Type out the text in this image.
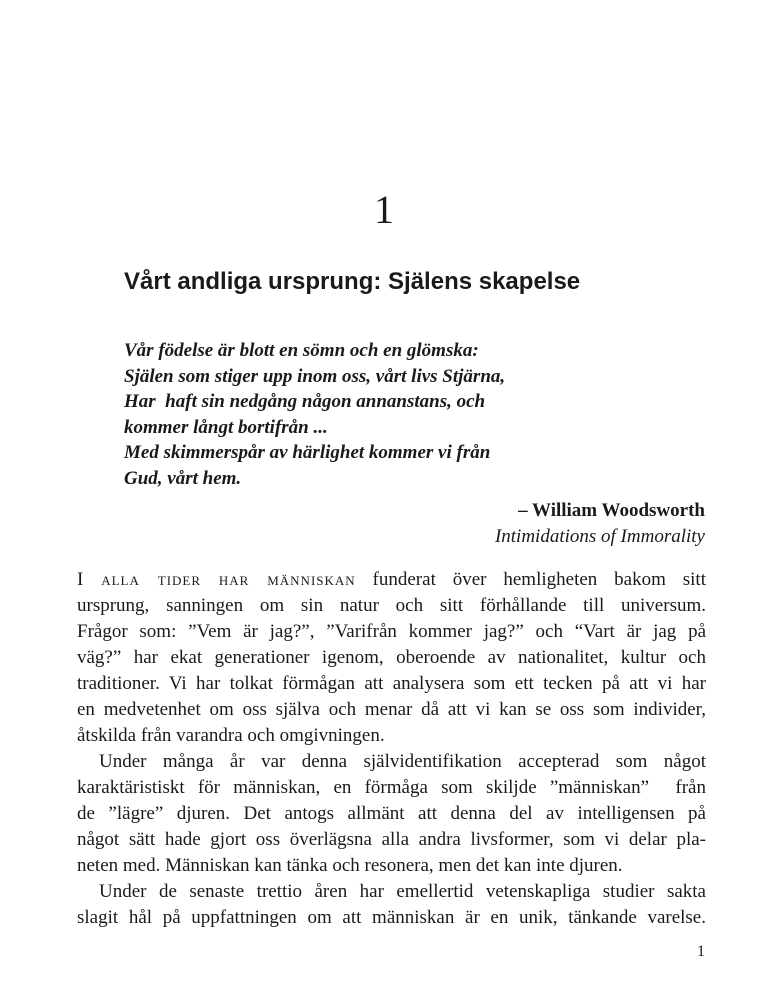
1
Vårt andliga ursprung: Själens skapelse
Vår födelse är blott en sömn och en glömska:
Själen som stiger upp inom oss, vårt livs Stjärna,
Har  haft sin nedgång någon annanstans, och
kommer långt bortifrån ...
Med skimmerspår av härlighet kommer vi från
Gud, vårt hem.
– William Woodsworth
Intimidations of Immorality
I alla tider har människan funderat över hemligheten bakom sitt
ursprung, sanningen om sin natur och sitt förhållande till universum.
Frågor som: ”Vem är jag?”, ”Varifrån kommer jag?” och “Vart är jag på
väg?” har ekat generationer igenom, oberoende av nationalitet, kultur och
traditioner. Vi har tolkat förmågan att analysera som ett tecken på att vi har
en medvetenhet om oss själva och menar då att vi kan se oss som individer,
åtskilda från varandra och omgivningen.
Under många år var denna självidentifikation accepterad som något
karaktäristiskt för människan, en förmåga som skiljde ”människan”  från
de ”lägre” djuren. Det antogs allmänt att denna del av intelligensen på
något sätt hade gjort oss överlägsna alla andra livsformer, som vi delar pla-
neten med. Människan kan tänka och resonera, men det kan inte djuren.
Under de senaste trettio åren har emellertid vetenskapliga studier sakta
slagit hål på uppfattningen om att människan är en unik, tänkande varelse.
1
